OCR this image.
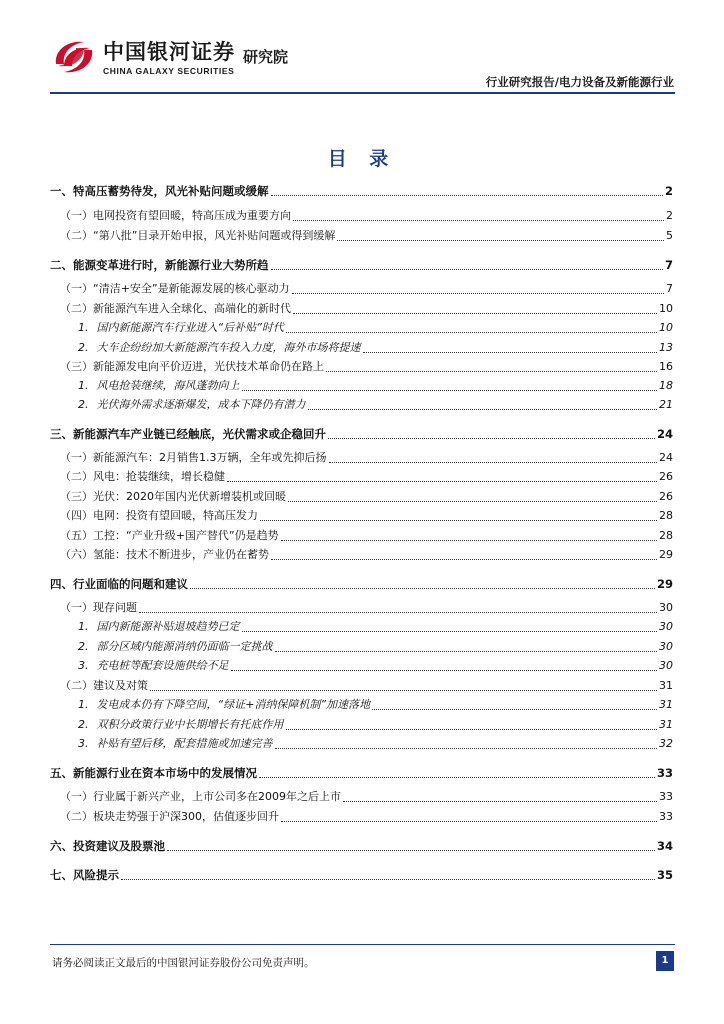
中国银河证券
CHINA GALAXY SECURITIES
研究院
行业研究报告/电力设备及新能源行业
目 录
一、特高压蓄势待发，风光补贴问题或缓解	2
（一）电网投资有望回暖，特高压成为重要方向	2
（二）“第八批”目录开始申报，风光补贴问题或得到缓解	5
二、能源变革进行时，新能源行业大势所趋	7
（一）“清洁+安全”是新能源发展的核心驱动力	7
（二）新能源汽车进入全球化、高端化的新时代	10
1. 国内新能源汽车行业进入“后补贴”时代	10
2. 大车企纷纷加大新能源汽车投入力度，海外市场将提速	13
（三）新能源发电向平价迈进，光伏技术革命仍在路上	16
1. 风电抢装继续，海风蓬勃向上	18
2. 光伏海外需求逐渐爆发，成本下降仍有潜力	21
三、新能源汽车产业链已经触底，光伏需求或企稳回升	24
（一）新能源汽车：2月销售1.3万辆，全年或先抑后扬	24
（二）风电：抢装继续，增长稳健	26
（三）光伏：2020年国内光伏新增装机或回暖	26
（四）电网：投资有望回暖，特高压发力	28
（五）工控：“产业升级+国产替代”仍是趋势	28
（六）氢能：技术不断进步，产业仍在蓄势	29
四、行业面临的问题和建议	29
（一）现存问题	30
1. 国内新能源补贴退坡趋势已定	30
2. 部分区域内能源消纳仍面临一定挑战	30
3. 充电桩等配套设施供给不足	30
（二）建议及对策	31
1. 发电成本仍有下降空间，“绿证+消纳保障机制”加速落地	31
2. 双积分政策行业中长期增长有托底作用	31
3. 补贴有望后移，配套措施或加速完善	32
五、新能源行业在资本市场中的发展情况	33
（一）行业属于新兴产业，上市公司多在2009年之后上市	33
（二）板块走势强于沪深300，估值逐步回升	33
六、投资建议及股票池	34
七、风险提示	35
请务必阅读正文最后的中国银河证券股份公司免责声明。	1
